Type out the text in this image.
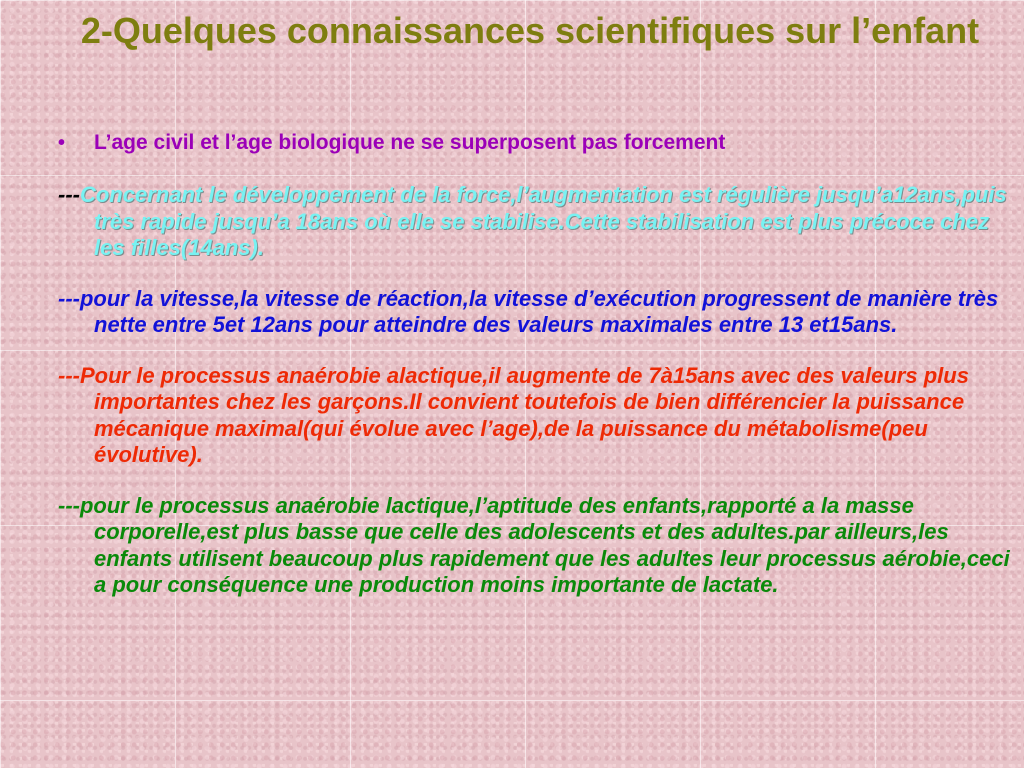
2-Quelques connaissances scientifiques sur l’enfant
•	L’age civil et l’age biologique ne se superposent pas forcement

---Concernant le développement de la force,l’augmentation est régulière jusqu’a12ans,puis très rapide jusqu’a 18ans où elle se stabilise.Cette stabilisation est plus précoce chez les filles(14ans).

---pour la vitesse,la vitesse de réaction,la vitesse d’exécution progressent de manière très nette entre 5et 12ans pour atteindre des valeurs maximales entre 13 et15ans.

---Pour le processus anaérobie alactique,il augmente de 7à15ans avec des valeurs plus importantes chez les garçons.Il convient toutefois de bien différencier la puissance mécanique maximal(qui évolue avec l’age),de la puissance du métabolisme(peu évolutive).

---pour le processus anaérobie lactique,l’aptitude des enfants,rapporté a la masse corporelle,est plus basse que celle des adolescents et des adultes.par ailleurs,les enfants utilisent beaucoup plus rapidement que les adultes leur processus aérobie,ceci a pour conséquence une production moins importante de lactate.
